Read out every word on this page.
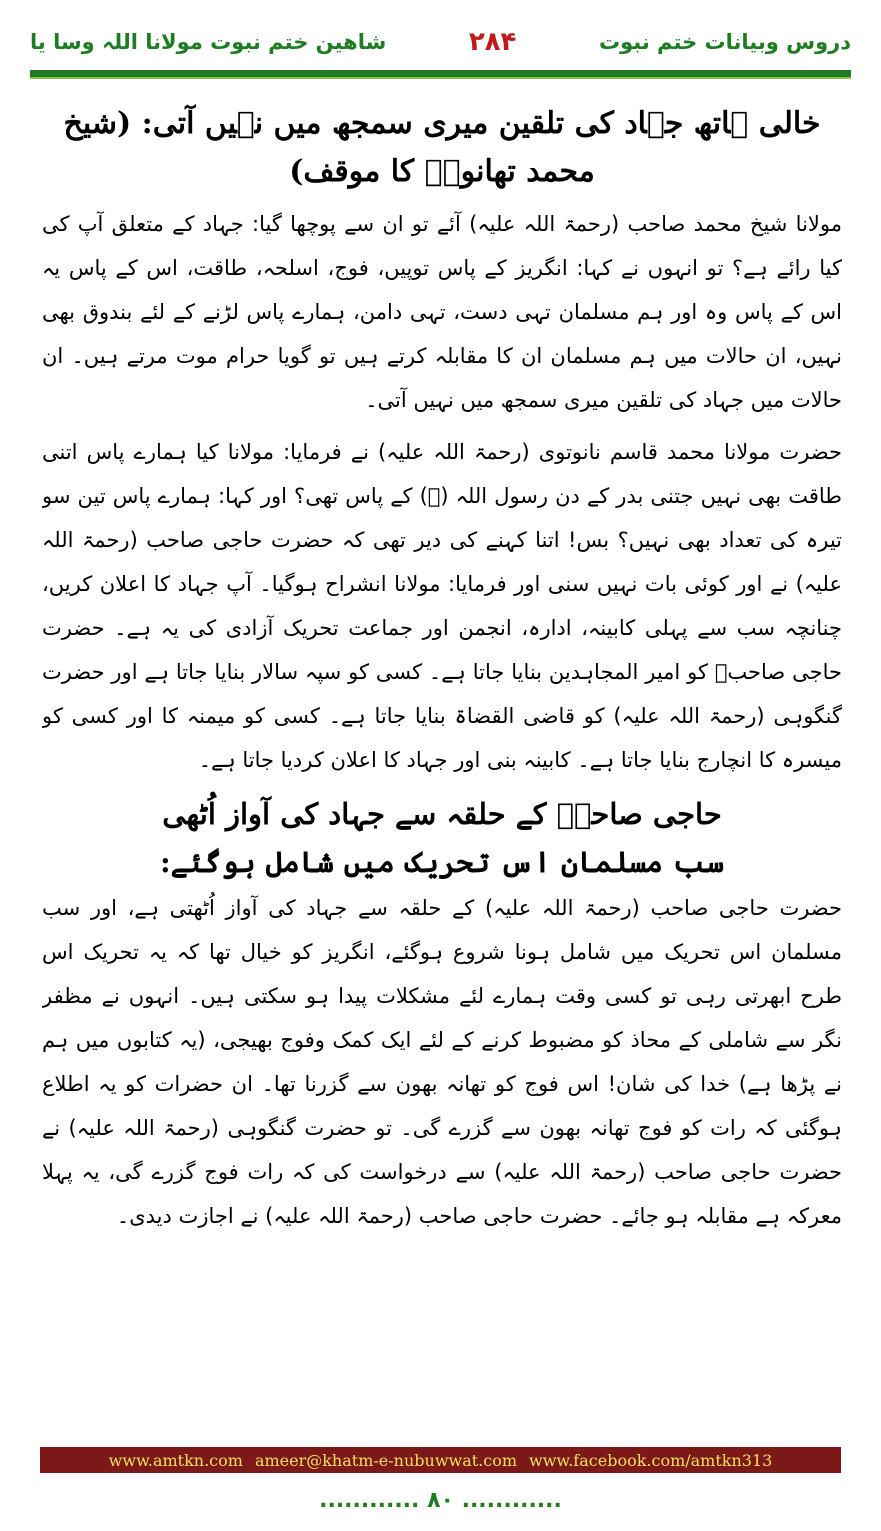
دروس وبیانات ختم نبوت
۲۸۴
شاھین ختم نبوت مولانا اللہ وسا یا
خالی ہاتھ جہاد کی تلقین میری سمجھ میں نہیں آتی: (شیخ محمد تھانویؒ کا موقف)

مولانا شیخ محمد صاحب (رحمۃ اللہ علیہ) آئے تو ان سے پوچھا گیا: جہاد کے متعلق آپ کی کیا رائے ہے؟ تو انہوں نے کہا: انگریز کے پاس توپیں، فوج، اسلحہ، طاقت، اس کے پاس یہ اس کے پاس وہ اور ہم مسلمان تہی دست، تہی دامن، ہمارے پاس لڑنے کے لئے بندوق بھی نہیں، ان حالات میں ہم مسلمان ان کا مقابلہ کرتے ہیں تو گویا حرام موت مرتے ہیں۔ ان حالات میں جہاد کی تلقین میری سمجھ میں نہیں آتی۔

حضرت مولانا محمد قاسم نانوتوی (رحمۃ اللہ علیہ) نے فرمایا: مولانا کیا ہمارے پاس اتنی طاقت بھی نہیں جتنی بدر کے دن رسول اللہ (ﷺ) کے پاس تھی؟ اور کہا: ہمارے پاس تین سو تیرہ کی تعداد بھی نہیں؟ بس! اتنا کہنے کی دیر تھی کہ حضرت حاجی صاحب (رحمۃ اللہ علیہ) نے اور کوئی بات نہیں سنی اور فرمایا: مولانا انشراح ہوگیا۔ آپ جہاد کا اعلان کریں، چنانچہ سب سے پہلی کابینہ، ادارہ، انجمن اور جماعت تحریک آزادی کی یہ ہے۔ حضرت حاجی صاحبؒ کو امیر المجاہدین بنایا جاتا ہے۔ کسی کو سپہ سالار بنایا جاتا ہے اور حضرت گنگوہی (رحمۃ اللہ علیہ) کو قاضی القضاۃ بنایا جاتا ہے۔ کسی کو میمنہ کا اور کسی کو میسرہ کا انچارج بنایا جاتا ہے۔ کابینہ بنی اور جہاد کا اعلان کردیا جاتا ہے۔

حاجی صاحبؒ کے حلقہ سے جہاد کی آواز اُٹھی
سب مسلمان اس تحریک میں شامل ہوگئے:

حضرت حاجی صاحب (رحمۃ اللہ علیہ) کے حلقہ سے جہاد کی آواز اُٹھتی ہے، اور سب مسلمان اس تحریک میں شامل ہونا شروع ہوگئے، انگریز کو خیال تھا کہ یہ تحریک اس طرح ابھرتی رہی تو کسی وقت ہمارے لئے مشکلات پیدا ہو سکتی ہیں۔ انہوں نے مظفر نگر سے شاملی کے محاذ کو مضبوط کرنے کے لئے ایک کمک وفوج بھیجی، (یہ کتابوں میں ہم نے پڑھا ہے) خدا کی شان! اس فوج کو تھانہ بھون سے گزرنا تھا۔ ان حضرات کو یہ اطلاع ہوگئی کہ رات کو فوج تھانہ بھون سے گزرے گی۔ تو حضرت گنگوہی (رحمۃ اللہ علیہ) نے حضرت حاجی صاحب (رحمۃ اللہ علیہ) سے درخواست کی کہ رات فوج گزرے گی، یہ پہلا معرکہ ہے مقابلہ ہو جائے۔ حضرت حاجی صاحب (رحمۃ اللہ علیہ) نے اجازت دیدی۔

www.amtkn.com ameer@khatm-e-nubuwwat.com www.facebook.com/amtkn313
............ ۸۰ ............
